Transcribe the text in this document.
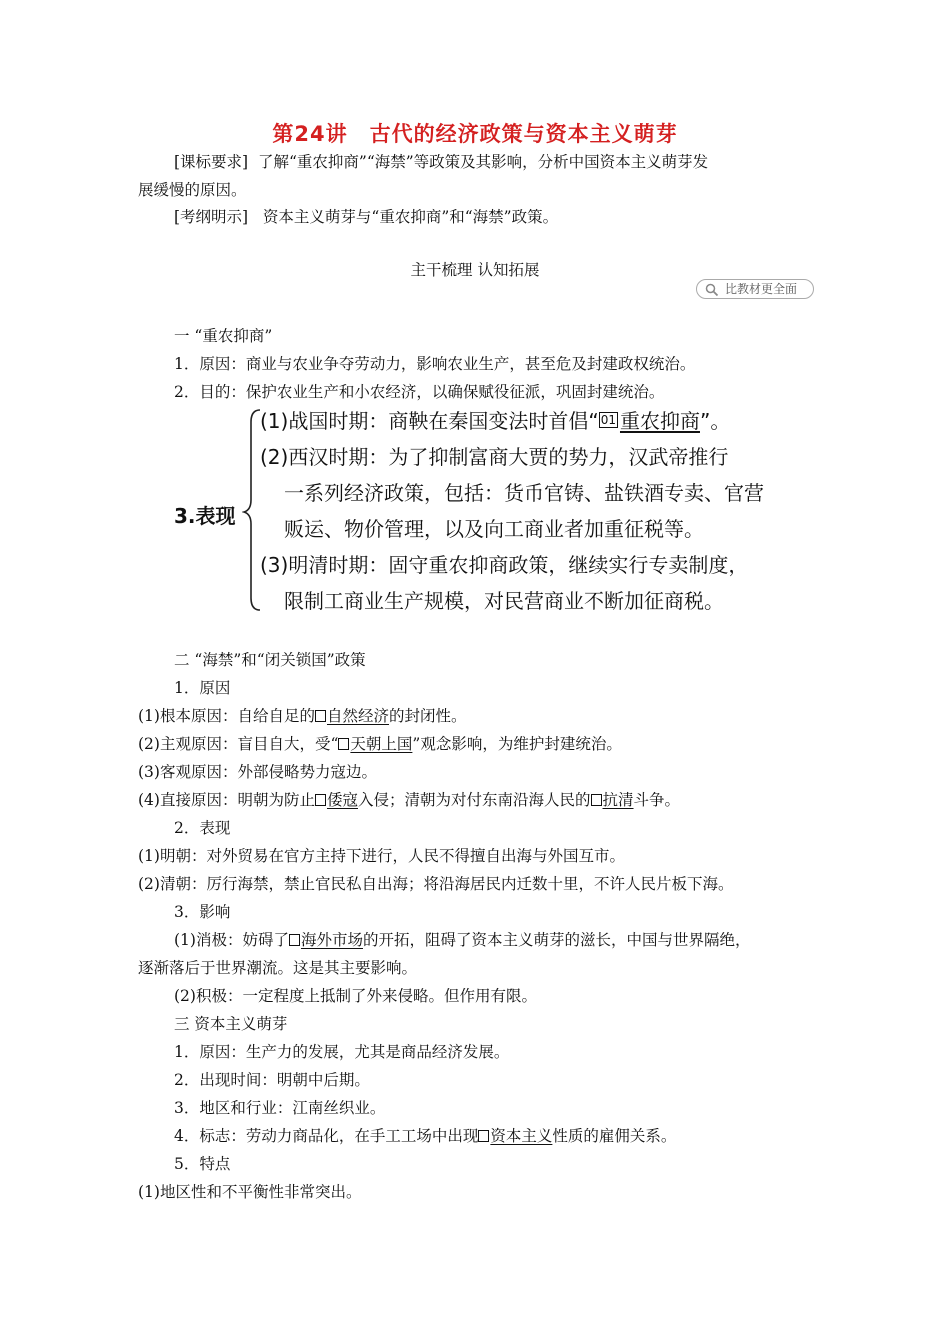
第24讲 古代的经济政策与资本主义萌芽
[课标要求] 了解“重农抑商”“海禁”等政策及其影响，分析中国资本主义萌芽发
展缓慢的原因。
[考纲明示] 资本主义萌芽与“重农抑商”和“海禁”政策。
主干梳理 认知拓展
比教材更全面
一 “重农抑商”
1．原因：商业与农业争夺劳动力，影响农业生产，甚至危及封建政权统治。
2．目的：保护农业生产和小农经济，以确保赋役征派，巩固封建统治。
3.表现
(1)战国时期：商鞅在秦国变法时首倡“ 01 重农抑商”。
(2)西汉时期：为了抑制富商大贾的势力，汉武帝推行
一系列经济政策，包括：货币官铸、盐铁酒专卖、官营
贩运、物价管理，以及向工商业者加重征税等。
(3)明清时期：固守重农抑商政策，继续实行专卖制度，
限制工商业生产规模，对民营商业不断加征商税。
二 “海禁”和“闭关锁国”政策
1．原因
(1)根本原因：自给自足的 自然经济的封闭性。
(2)主观原因：盲目自大，受“ 天朝上国”观念影响，为维护封建统治。
(3)客观原因：外部侵略势力寇边。
(4)直接原因：明朝为防止 倭寇入侵；清朝为对付东南沿海人民的 抗清斗争。
2．表现
(1)明朝：对外贸易在官方主持下进行，人民不得擅自出海与外国互市。
(2)清朝：厉行海禁，禁止官民私自出海；将沿海居民内迁数十里，不许人民片板下海。
3．影响
(1)消极：妨碍了 海外市场的开拓，阻碍了资本主义萌芽的滋长，中国与世界隔绝，
逐渐落后于世界潮流。这是其主要影响。
(2)积极：一定程度上抵制了外来侵略。但作用有限。
三 资本主义萌芽
1．原因：生产力的发展，尤其是商品经济发展。
2．出现时间：明朝中后期。
3．地区和行业：江南丝织业。
4．标志：劳动力商品化，在手工工场中出现 资本主义性质的雇佣关系。
5．特点
(1)地区性和不平衡性非常突出。
